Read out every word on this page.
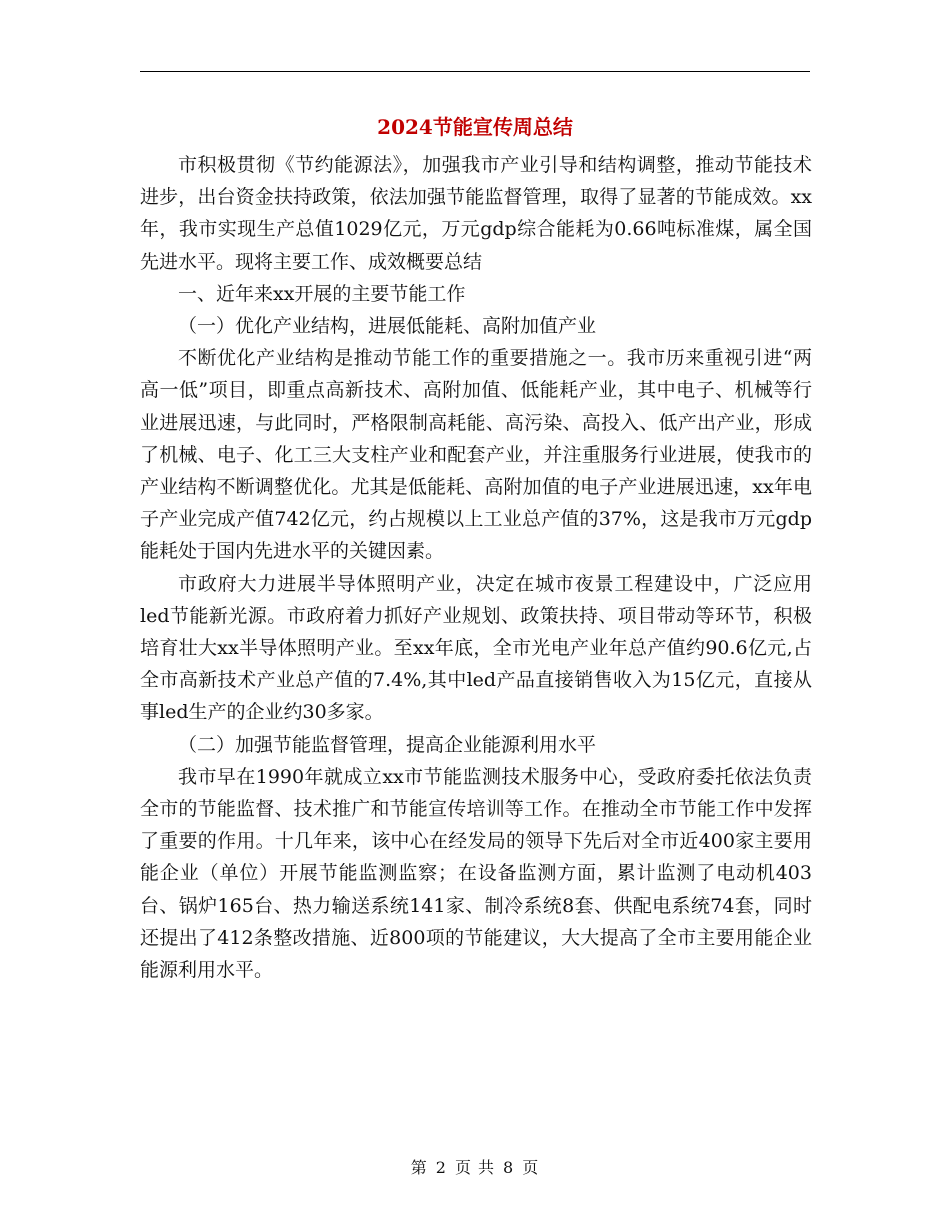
2024节能宣传周总结

市积极贯彻《节约能源法》，加强我市产业引导和结构调整，推动节能技术进步，出台资金扶持政策，依法加强节能监督管理，取得了显著的节能成效。xx年，我市实现生产总值1029亿元，万元gdp综合能耗为0.66吨标准煤，属全国先进水平。现将主要工作、成效概要总结

一、近年来xx开展的主要节能工作

（一）优化产业结构，进展低能耗、高附加值产业

不断优化产业结构是推动节能工作的重要措施之一。我市历来重视引进“两高一低”项目，即重点高新技术、高附加值、低能耗产业，其中电子、机械等行业进展迅速，与此同时，严格限制高耗能、高污染、高投入、低产出产业，形成了机械、电子、化工三大支柱产业和配套产业，并注重服务行业进展，使我市的产业结构不断调整优化。尤其是低能耗、高附加值的电子产业进展迅速，xx年电子产业完成产值742亿元，约占规模以上工业总产值的37%，这是我市万元gdp能耗处于国内先进水平的关键因素。

市政府大力进展半导体照明产业，决定在城市夜景工程建设中，广泛应用led节能新光源。市政府着力抓好产业规划、政策扶持、项目带动等环节，积极培育壮大xx半导体照明产业。至xx年底，全市光电产业年总产值约90.6亿元,占全市高新技术产业总产值的7.4%,其中led产品直接销售收入为15亿元，直接从事led生产的企业约30多家。

（二）加强节能监督管理，提高企业能源利用水平

我市早在1990年就成立xx市节能监测技术服务中心，受政府委托依法负责全市的节能监督、技术推广和节能宣传培训等工作。在推动全市节能工作中发挥了重要的作用。十几年来，该中心在经发局的领导下先后对全市近400家主要用能企业（单位）开展节能监测监察；在设备监测方面，累计监测了电动机403台、锅炉165台、热力输送系统141家、制冷系统8套、供配电系统74套，同时还提出了412条整改措施、近800项的节能建议，大大提高了全市主要用能企业能源利用水平。

第 2 页 共 8 页
